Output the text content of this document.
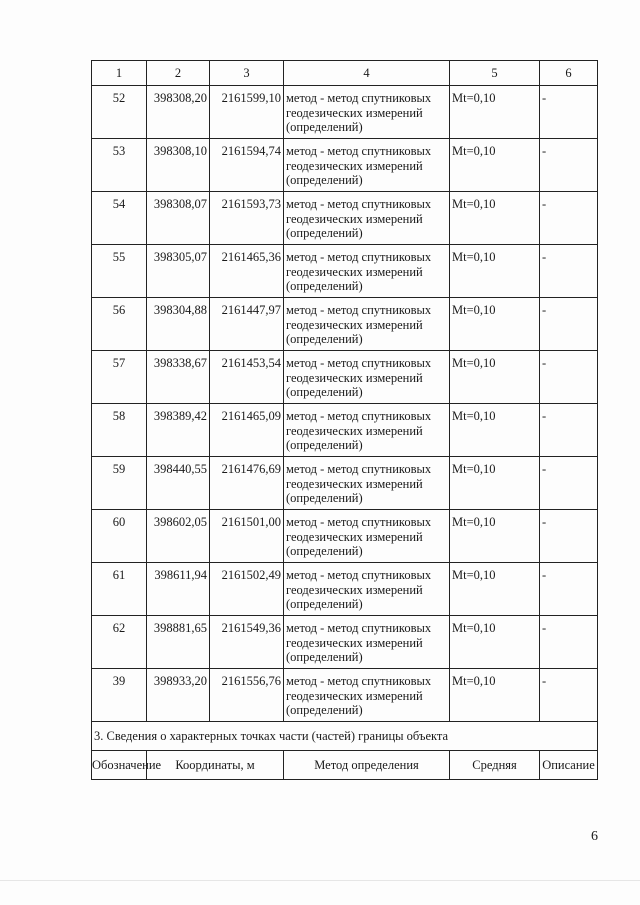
1	2	3	4	5	6
52	398308,20	2161599,10	метод - метод спутниковых геодезических измерений (определений)	Mt=0,10	-
53	398308,10	2161594,74	метод - метод спутниковых геодезических измерений (определений)	Mt=0,10	-
54	398308,07	2161593,73	метод - метод спутниковых геодезических измерений (определений)	Mt=0,10	-
55	398305,07	2161465,36	метод - метод спутниковых геодезических измерений (определений)	Mt=0,10	-
56	398304,88	2161447,97	метод - метод спутниковых геодезических измерений (определений)	Mt=0,10	-
57	398338,67	2161453,54	метод - метод спутниковых геодезических измерений (определений)	Mt=0,10	-
58	398389,42	2161465,09	метод - метод спутниковых геодезических измерений (определений)	Mt=0,10	-
59	398440,55	2161476,69	метод - метод спутниковых геодезических измерений (определений)	Mt=0,10	-
60	398602,05	2161501,00	метод - метод спутниковых геодезических измерений (определений)	Mt=0,10	-
61	398611,94	2161502,49	метод - метод спутниковых геодезических измерений (определений)	Mt=0,10	-
62	398881,65	2161549,36	метод - метод спутниковых геодезических измерений (определений)	Mt=0,10	-
39	398933,20	2161556,76	метод - метод спутниковых геодезических измерений (определений)	Mt=0,10	-
3. Сведения о характерных точках части (частей) границы объекта					
Обозначение	Координаты, м		Метод определения	Средняя	Описание
6
